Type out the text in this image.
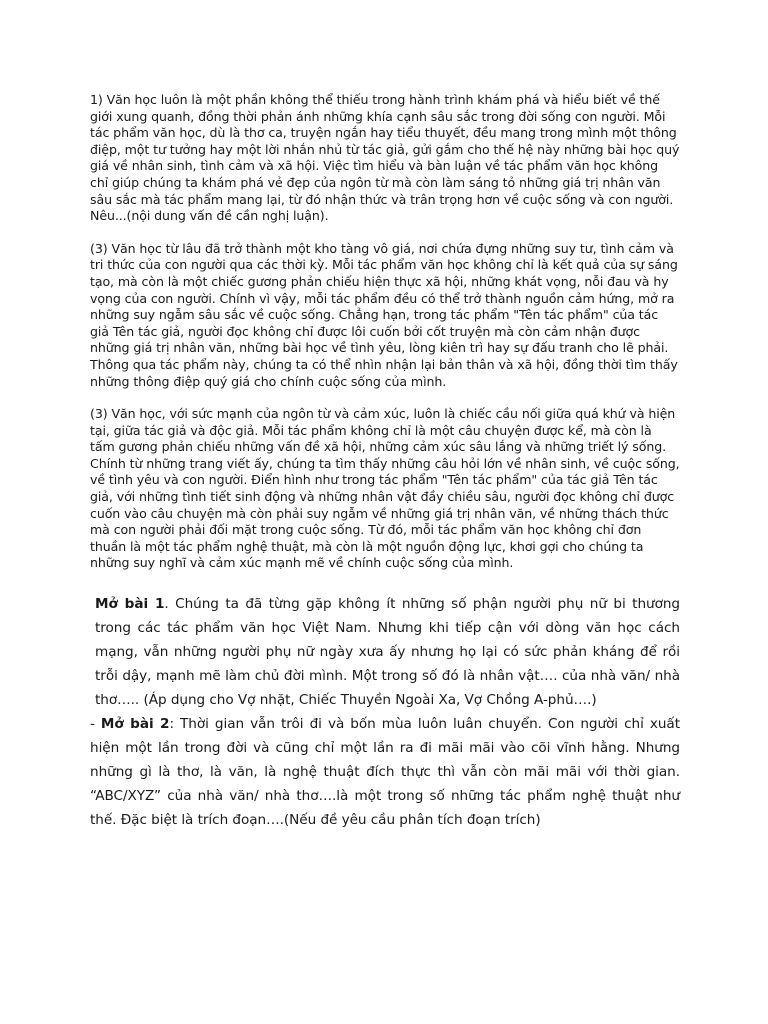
1) Văn học luôn là một phần không thể thiếu trong hành trình khám phá và hiểu biết về thế giới xung quanh, đồng thời phản ánh những khía cạnh sâu sắc trong đời sống con người. Mỗi tác phẩm văn học, dù là thơ ca, truyện ngắn hay tiểu thuyết, đều mang trong mình một thông điệp, một tư tưởng hay một lời nhắn nhủ từ tác giả, gửi gắm cho thế hệ này những bài học quý giá về nhân sinh, tình cảm và xã hội. Việc tìm hiểu và bàn luận về tác phẩm văn học không chỉ giúp chúng ta khám phá vẻ đẹp của ngôn từ mà còn làm sáng tỏ những giá trị nhân văn sâu sắc mà tác phẩm mang lại, từ đó nhận thức và trân trọng hơn về cuộc sống và con người. Nêu...(nội dung vấn đề cần nghị luận).

(3) Văn học từ lâu đã trở thành một kho tàng vô giá, nơi chứa đựng những suy tư, tình cảm và tri thức của con người qua các thời kỳ. Mỗi tác phẩm văn học không chỉ là kết quả của sự sáng tạo, mà còn là một chiếc gương phản chiếu hiện thực xã hội, những khát vọng, nỗi đau và hy vọng của con người. Chính vì vậy, mỗi tác phẩm đều có thể trở thành nguồn cảm hứng, mở ra những suy ngẫm sâu sắc về cuộc sống. Chẳng hạn, trong tác phẩm "Tên tác phẩm" của tác giả Tên tác giả, người đọc không chỉ được lôi cuốn bởi cốt truyện mà còn cảm nhận được những giá trị nhân văn, những bài học về tình yêu, lòng kiên trì hay sự đấu tranh cho lẽ phải. Thông qua tác phẩm này, chúng ta có thể nhìn nhận lại bản thân và xã hội, đồng thời tìm thấy những thông điệp quý giá cho chính cuộc sống của mình.

(3) Văn học, với sức mạnh của ngôn từ và cảm xúc, luôn là chiếc cầu nối giữa quá khứ và hiện tại, giữa tác giả và độc giả. Mỗi tác phẩm không chỉ là một câu chuyện được kể, mà còn là tấm gương phản chiếu những vấn đề xã hội, những cảm xúc sâu lắng và những triết lý sống. Chính từ những trang viết ấy, chúng ta tìm thấy những câu hỏi lớn về nhân sinh, về cuộc sống, về tình yêu và con người. Điển hình như trong tác phẩm "Tên tác phẩm" của tác giả Tên tác giả, với những tình tiết sinh động và những nhân vật đầy chiều sâu, người đọc không chỉ được cuốn vào câu chuyện mà còn phải suy ngẫm về những giá trị nhân văn, về những thách thức mà con người phải đối mặt trong cuộc sống. Từ đó, mỗi tác phẩm văn học không chỉ đơn thuần là một tác phẩm nghệ thuật, mà còn là một nguồn động lực, khơi gợi cho chúng ta những suy nghĩ và cảm xúc mạnh mẽ về chính cuộc sống của mình.

Mở bài 1. Chúng ta đã từng gặp không ít những số phận người phụ nữ bi thương trong các tác phẩm văn học Việt Nam. Nhưng khi tiếp cận với dòng văn học cách mạng, vẫn những người phụ nữ ngày xưa ấy nhưng họ lại có sức phản kháng để rồi trỗi dậy, mạnh mẽ làm chủ đời mình. Một trong số đó là nhân vật…. của nhà văn/ nhà thơ….. (Áp dụng cho Vợ nhặt, Chiếc Thuyền Ngoài Xa, Vợ Chồng A-phủ….)

- Mở bài 2: Thời gian vẫn trôi đi và bốn mùa luôn luân chuyển. Con người chỉ xuất hiện một lần trong đời và cũng chỉ một lần ra đi mãi mãi vào cõi vĩnh hằng. Nhưng những gì là thơ, là văn, là nghệ thuật đích thực thì vẫn còn mãi mãi với thời gian. “ABC/XYZ” của nhà văn/ nhà thơ….là một trong số những tác phẩm nghệ thuật như thế. Đặc biệt là trích đoạn….(Nếu đề yêu cầu phân tích đoạn trích)
